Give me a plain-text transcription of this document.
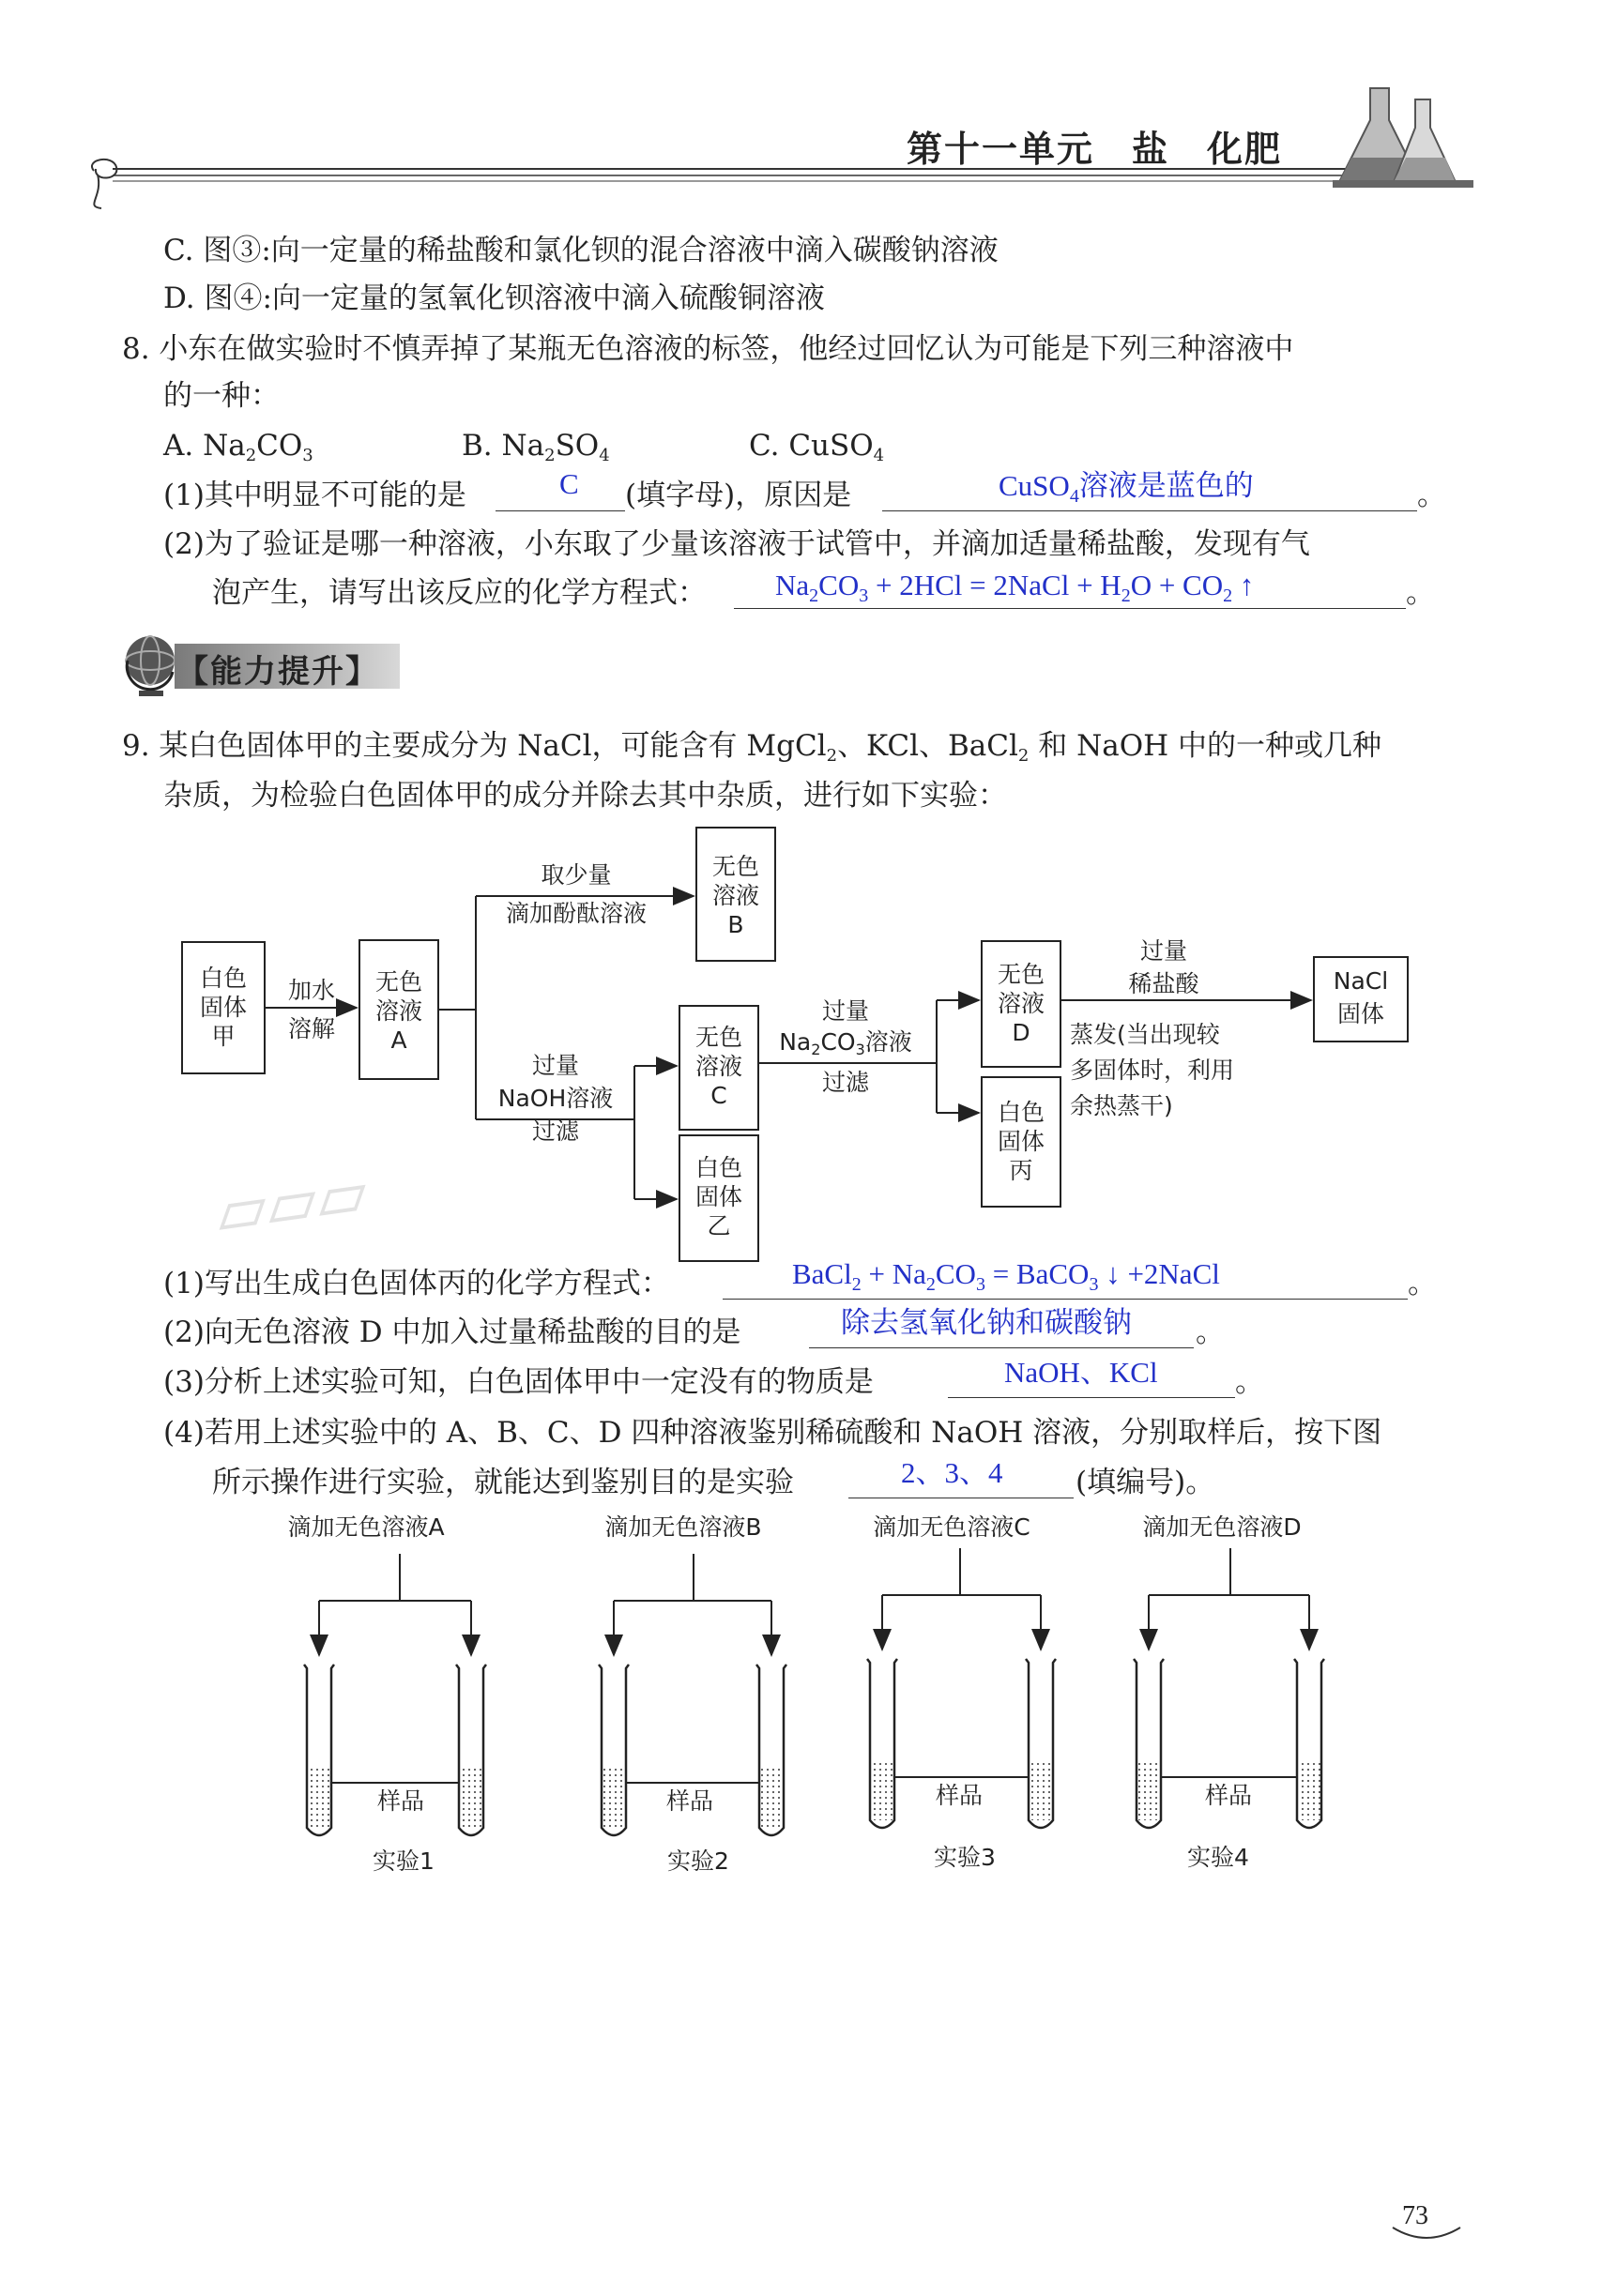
第十一单元　盐　化肥
C. 图③:向一定量的稀盐酸和氯化钡的混合溶液中滴入碳酸钠溶液
D. 图④:向一定量的氢氧化钡溶液中滴入硫酸铜溶液
8. 小东在做实验时不慎弄掉了某瓶无色溶液的标签，他经过回忆认为可能是下列三种溶液中
的一种：
A. $Na_2CO_3$	B. $Na_2SO_4$	C. CuSO$_4$
(1)其中明显不可能的是	C (填字母)，原因是	CuSO$_4$溶液是蓝色的	。
(2)为了验证是哪一种溶液，小东取了少量该溶液于试管中，并滴加适量稀盐酸，发现有气
泡产生，请写出该反应的化学方程式： $Na_2CO_3 + 2HCl$ = 2NaCl + $H_2O + CO_2$ ↑	。
【能力提升】
9. 某白色固体甲的主要成分为 NaCl，可能含有 MgCl$_2$、KCl、BaCl$_2$ 和 NaOH 中的一种或几种
杂质，为检验白色固体甲的成分并除去其中杂质，进行如下实验：
白色
固体
甲
加水
溶解
无色
溶液
A
取少量
滴加酚酞溶液
无色
溶液
B
过量
NaOH溶液
过滤
无色
溶液
C
白色
固体
乙
过量
$Na_2CO_3$溶液
过滤
无色
溶液
D
过量
稀盐酸
蒸发(当出现较
多固体时，利用
余热蒸干)
NaCl
固体
白色
固体
丙
(1)写出生成白色固体丙的化学方程式：	BaCl$_2$ + $Na_2CO_3$ = BaCO$_3$ ↓ +2NaCl	。
(2)向无色溶液 D 中加入过量稀盐酸的目的是	除去氢氧化钠和碳酸钠 。
(3)分析上述实验可知，白色固体甲中一定没有的物质是	NaOH、KCl	。
(4)若用上述实验中的 A、B、C、D 四种溶液鉴别稀硫酸和 NaOH 溶液，分别取样后，按下图
所示操作进行实验，就能达到鉴别目的是实验	2、3、4	(填编号)。
滴加无色溶液A	滴加无色溶液B	滴加无色溶液C	滴加无色溶液D
样品	样品	样品	样品
实验1	实验2	实验3	实验4
▱▱▱
73
